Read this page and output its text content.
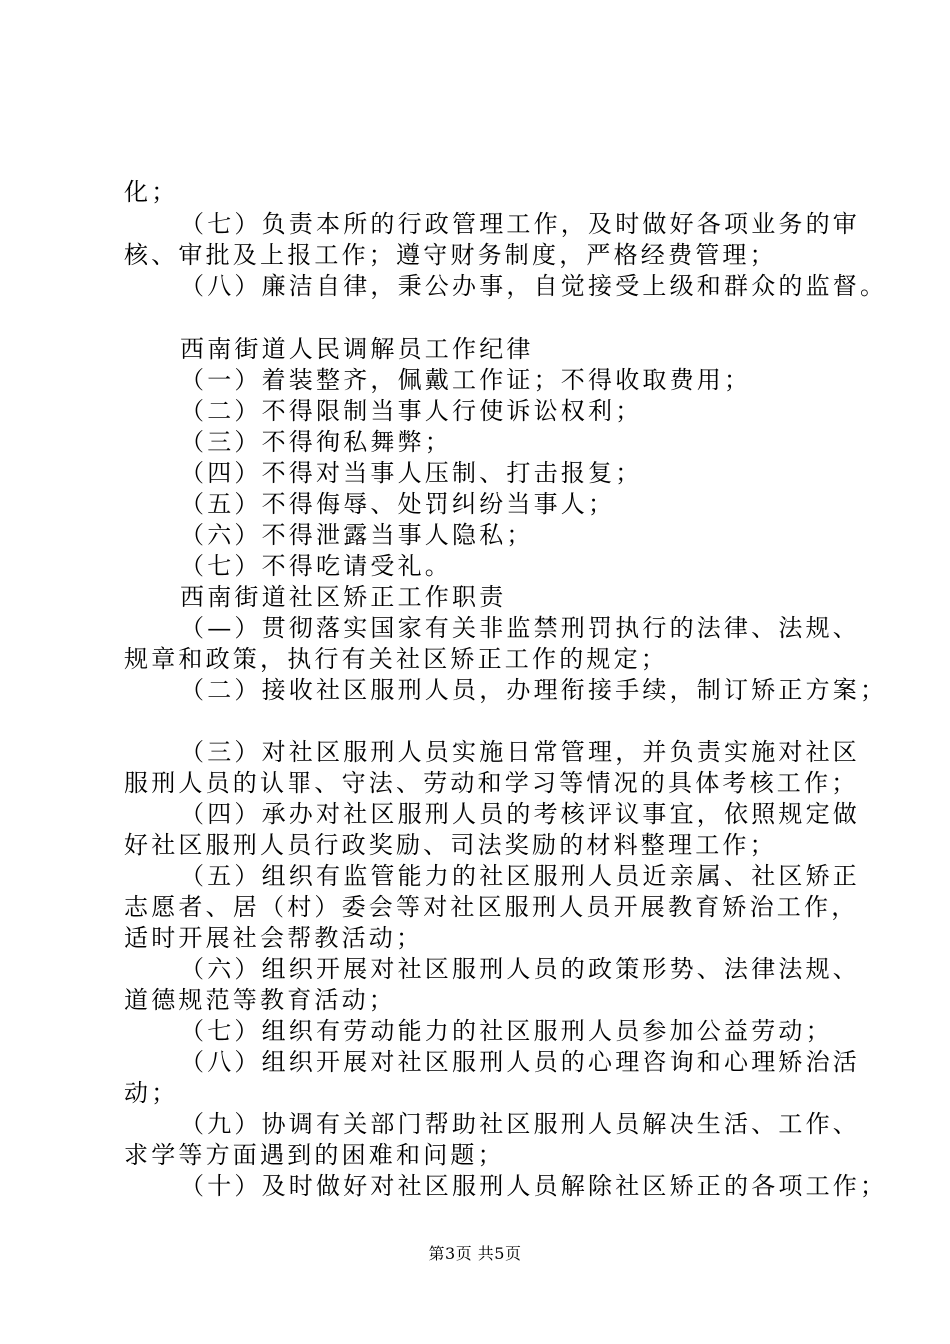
化；
（七）负责本所的行政管理工作，及时做好各项业务的审
核、审批及上报工作；遵守财务制度，严格经费管理；
（八）廉洁自律，秉公办事，自觉接受上级和群众的监督。
西南街道人民调解员工作纪律
（一）着装整齐，佩戴工作证；不得收取费用；
（二）不得限制当事人行使诉讼权利；
（三）不得徇私舞弊；
（四）不得对当事人压制、打击报复；
（五）不得侮辱、处罚纠纷当事人；
（六）不得泄露当事人隐私；
（七）不得吃请受礼。
西南街道社区矫正工作职责
（—）贯彻落实国家有关非监禁刑罚执行的法律、法规、
规章和政策，执行有关社区矫正工作的规定；
（二）接收社区服刑人员，办理衔接手续，制订矫正方案；
（三）对社区服刑人员实施日常管理，并负责实施对社区
服刑人员的认罪、守法、劳动和学习等情况的具体考核工作；
（四）承办对社区服刑人员的考核评议事宜，依照规定做
好社区服刑人员行政奖励、司法奖励的材料整理工作；
（五）组织有监管能力的社区服刑人员近亲属、社区矫正
志愿者、居（村）委会等对社区服刑人员开展教育矫治工作，
适时开展社会帮教活动；
（六）组织开展对社区服刑人员的政策形势、法律法规、
道德规范等教育活动；
（七）组织有劳动能力的社区服刑人员参加公益劳动；
（八）组织开展对社区服刑人员的心理咨询和心理矫治活
动；
（九）协调有关部门帮助社区服刑人员解决生活、工作、
求学等方面遇到的困难和问题；
（十）及时做好对社区服刑人员解除社区矫正的各项工作；
第3页 共5页
